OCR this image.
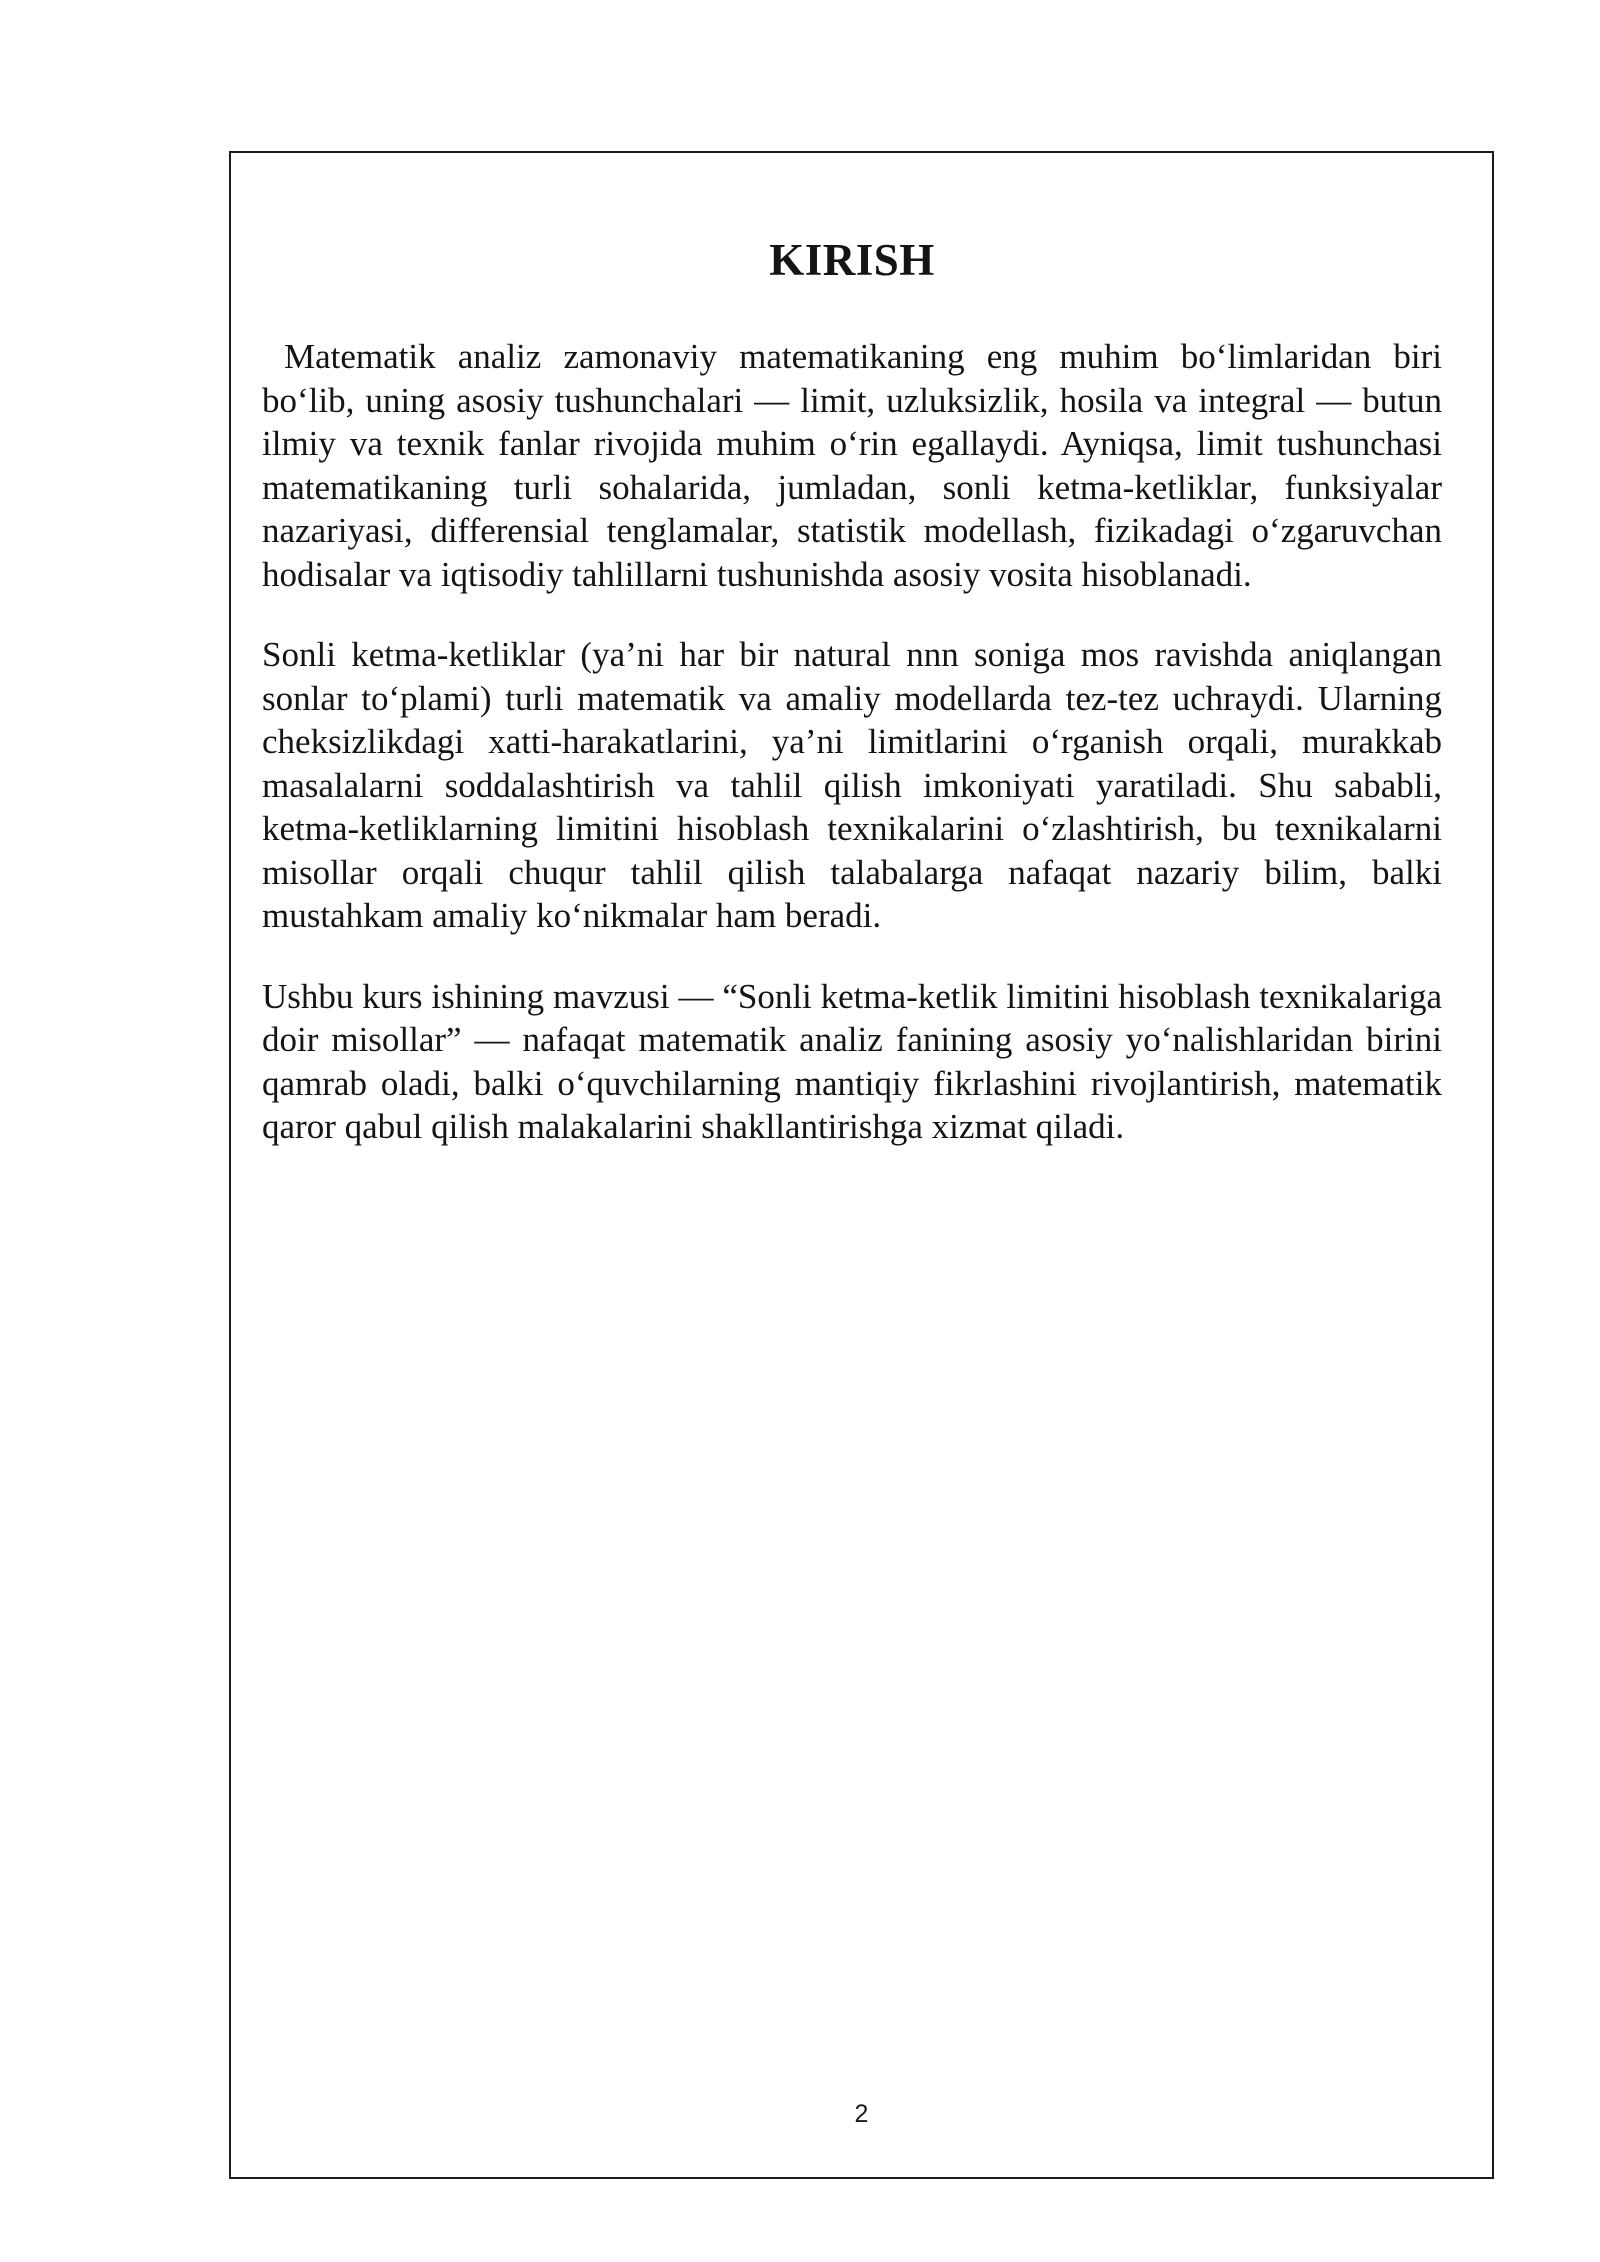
KIRISH

Matematik analiz zamonaviy matematikaning eng muhim bo‘limlaridan biri bo‘lib, uning asosiy tushunchalari — limit, uzluksizlik, hosila va integral — butun ilmiy va texnik fanlar rivojida muhim o‘rin egallaydi. Ayniqsa, limit tushunchasi matematikaning turli sohalarida, jumladan, sonli ketma-ketliklar, funksiyalar nazariyasi, differensial tenglamalar, statistik modellash, fizikadagi o‘zgaruvchan hodisalar va iqtisodiy tahlillarni tushunishda asosiy vosita hisoblanadi.

Sonli ketma-ketliklar (ya’ni har bir natural nnn soniga mos ravishda aniqlangan sonlar to‘plami) turli matematik va amaliy modellarda tez-tez uchraydi. Ularning cheksizlikdagi xatti-harakatlarini, ya’ni limitlarini o‘rganish orqali, murakkab masalalarni soddalashtirish va tahlil qilish imkoniyati yaratiladi. Shu sababli, ketma-ketliklarning limitini hisoblash texnikalarini o‘zlashtirish, bu texnikalarni misollar orqali chuqur tahlil qilish talabalarga nafaqat nazariy bilim, balki mustahkam amaliy ko‘nikmalar ham beradi.

Ushbu kurs ishining mavzusi — “Sonli ketma-ketlik limitini hisoblash texnikalariga doir misollar” — nafaqat matematik analiz fanining asosiy yo‘nalishlaridan birini qamrab oladi, balki o‘quvchilarning mantiqiy fikrlashini rivojlantirish, matematik qaror qabul qilish malakalarini shakllantirishga xizmat qiladi.

2
